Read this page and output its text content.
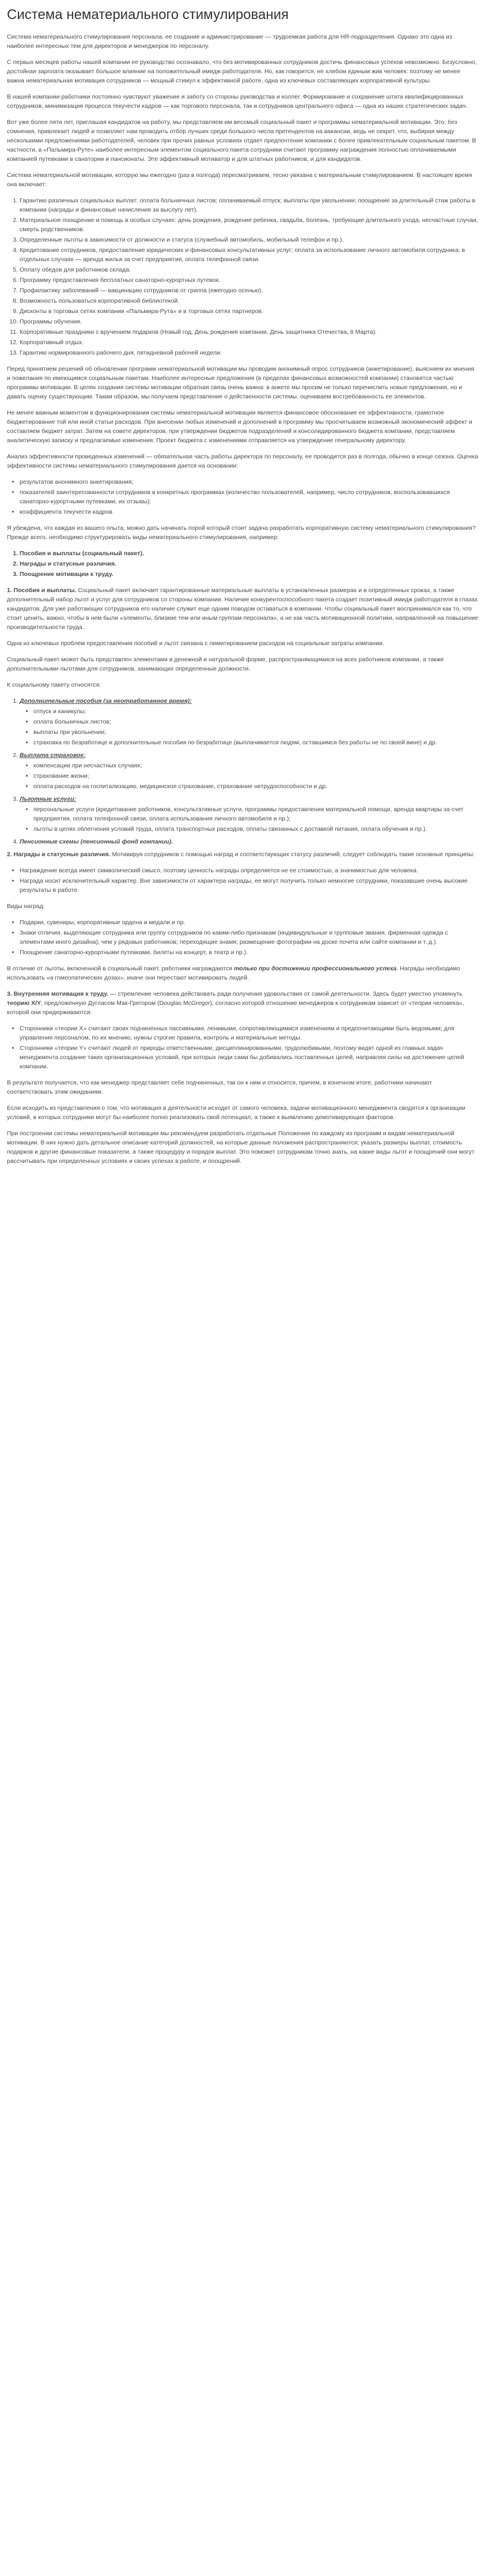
Система нематериального стимулирования

Система нематериального стимулирования персонала, ее создание и администрирование — трудоемкая работа для HR-подразделения. Однако это одна из наиболее интересных тем для директоров и менеджеров по персоналу.

С первых месяцев работы нашей компании ее руководство осознавало, что без мотивированных сотрудников достичь финансовых успехов невозможно. Безусловно, достойная зарплата оказывает большое влияние на положительный имидж работодателя. Но, как говорится, не хлебом единым жив человек: поэтому не менее важна нематериальная мотивация сотрудников — мощный стимул к эффективной работе, одна из ключевых составляющих корпоративной культуры.

В нашей компании работники постоянно чувствуют уважение и заботу со стороны руководства и коллег. Формирование и сохранение штата квалифицированных сотрудников, минимизация процесса текучести кадров — как торгового персонала, так и сотрудников центрального офиса — одна из наших стратегических задач.

Вот уже более пяти лет, приглашая кандидатов на работу, мы представляем им весомый социальный пакет и программы нематериальной мотивации. Это, без сомнения, привлекает людей и позволяет нам проводить отбор лучших среди большого числа претендентов на вакансии, ведь не секрет, что, выбирая между несколькими предложениями работодателей, человек при прочих равных условиях отдает предпочтение компании с более привлекательным социальным пакетом. В частности, в «Пальмира-Руте» наиболее интересным элементом социального пакета сотрудники считают программу награждения полностью оплачиваемыми компанией путевками в санатории и пансионаты. Эте эффективный мотиватор и для штатных работников, и для кандидатов.

Система нематериальной мотивации, которую мы ежегодно (раз в полгода) пересматриваем, тесно увязана с материальным стимулированием. В настоящее время она включает:

1. Гарантию различных социальных выплат: оплата больничных листов; оплачиваемый отпуск; выплаты при увольнении; поощрение за длительный стаж работы в компании (награды и финансовые начисления за выслугу лет).
2. Материальное поощрение и помощь в особых случаях: день рождения, рождение ребенка, свадьба, болезнь, требующие длительного ухода, несчастные случаи, смерть родственников.
3. Определенные льготы в зависимости от должности и статуса (служебный автомобиль, мобильный телефон и пр.).
4. Кредитование сотрудников, предоставление юридических и финансовых консультативных услуг; оплата за использование личного автомобиля сотрудника; в отдельных случаях — аренда жилья за счет предприятия, оплата телефонной связи.
5. Оплату обедов для работников склада.
6. Программу предоставления бесплатных санаторно-курортных путевок.
7. Профилактику заболеваний — вакцинацию сотрудников от гриппа (ежегодно осенью).
8. Возможность пользоваться корпоративной библиотекой.
9. Дисконты в торговых сетях компании «Пальмира-Рута» и в торговых сетях партнеров.
10. Программы обучения.
11. Корпоративные праздники с вручением подарков (Новый год, День рождения компании, День защитника Отечества, 8 Марта).
12. Корпоративный отдых.
13. Гарантию нормированного рабочего дня, пятидневной рабочей недели.

Перед принятием решений об обновлении программ нематериальной мотивации мы проводим анонимный опрос сотрудников (анкетирование), выясняем их мнения и пожелания по имеющимся социальным пакетам. Наиболее интересные предложения (в пределах финансовых возможностей компании) становятся частью программы мотивации. В целях создания системы мотивации обратная связь очень важна: в анкете мы просим не только перечислить новые предложения, но и давать оценку существующим. Таким образом, мы получаем представление о действенности системы, оцениваем востребованность ее элементов.

Не менее важным моментом в функционировании системы нематериальной мотивации является финансовое обоснование ее эффективности, грамотное бюджетирование той или иной статьи расходов. При внесении любых изменений и дополнений в программу мы просчитываем возможный экономический эффект и составляем бюджет затрат. Затем на совете директоров, при утверждении бюджетов подразделений и консолидированного бюджета компании, представляем аналитическую записку и предлагаемые изменения. Проект бюджета с изменениями отправляется на утверждение генеральному директору.

Анализ эффективности проведенных изменений — обязательная часть работы директора по персоналу, ее проводится раз в полгода, обычно в конце сезона. Оценка эффективности системы нематериального стимулирования дается на основании:

• результатов анонимного анкетирования;
• показателей заинтересованности сотрудников в конкретных программах (количество пользователей, например, число сотрудников, воспользовавшихся санаторно-курортными путевками, их отзывы);
• коэффициента текучести кадров.

Я убеждена, что каждая из вашего опыта, можно дать начинать порой который стоит задача разработать корпоративную систему нематериального стимулирования? Прежде всего, необходимо структурировать виды нематериального стимулирования, например:

1. Пособия и выплаты (социальный пакет).
2. Награды и статусные различия.
3. Поощрение мотивации к труду.

1. Пособия и выплаты. Социальный пакет включает гарантированные материальные выплаты в установленных размерах и в определенных сроках, а также дополнительный набор льгот и услуг для сотрудников со стороны компании. Наличие конкурентоспособного пакета создает позитивный имидж работодателя в глазах кандидатов. Для уже работающих сотрудников его наличие служит еще одним поводом оставаться в компании. Чтобы социальный пакет воспринимался как то, что стоит ценить, важно, чтобы в нем были «элементы, близкие тем или иным группам персонала», а не как часть мотивационной политики, направленной на повышение производительности труда.

Одна из ключевых проблем предоставления пособий и льгот связана с лимитированием расходов на социальные затраты компании.

Социальный пакет может быть представлен элементами в денежной и натуральной форме, распространяющимися на всех работников компании, а также дополнительными льготами для сотрудников, занимающих определенные должности.

К социальному пакету относятся:

1. Дополнительные пособия (за неотработанное время):
• отпуск и каникулы;
• оплата больничных листов;
• выплаты при увольнении;
• страховка по безработице и дополнительные пособия по безработице (выплачивается людям, оставшимся без работы не по своей вине) и др.
2. Выплата страховок:
• компенсации при несчастных случаях;
• страхование жизни;
• оплата расходов на госпитализацию, медицинское страхование, страхование нетрудоспособности и др.
3. Льготные услуги:
• персональные услуги (кредитование работников, консультативные услуги, программы предоставления материальной помощи, аренда квартиры за счет предприятия, оплата телефонной связи, оплата использования личного автомобиля и пр.);
• льготы в целях облегчения условий труда, оплата транспортных расходов, оплаты связанных с доставкой питания, оплата обучения и пр.).
4. Пенсионные схемы (пенсионный фонд компании).

2. Награды и статусные различия. Мотивируя сотрудников с помощью наград и соответствующих статусу различий, следует соблюдать такие основные принципы:

• Награждение всегда имеет символический смысл, поэтому ценность награды определяется не ее стоимостью, а значимостью для человека.
• Награда носит исключительный характер. Вне зависимости от характера награды, ее могут получить только немногие сотрудники, показавшие очень высокие результаты в работе.

Виды наград:

• Подарки, сувениры, корпоративные ордена и медали и пр.
• Знаки отличия, выделяющие сотрудника или группу сотрудников по каким-либо признакам (индивидуальные и групповые звания, фирменная одежда с элементами иного дизайна), чем у рядовых работников; переходящие знамя; размещение фотографии на доске почета или сайте компании и т. д.).
• Поощрение санаторно-курортными путевками, билеты на концерт, в театр и пр.).

В отличие от льготы, включенной в социальный пакет, работники награждаются только при достижении профессионального успеха. Награды необходимо использовать «а гомеопатических дозах», иначе они перестают мотивировать людей.

3. Внутренняя мотивация к труду. — стремление человека действовать ради получения удовольствия от самой деятельности. Здесь будет уместно упомянуть теорию X/Y, предложенную Дугласом Мак-Грегором (Douglas McGregor), согласно которой отношение менеджеров к сотрудникам зависит от «теории человека», которой они придерживаются:

• Сторонники «теории X» считают своих подчиненных пассивными, ленивыми, сопротивляющимися изменениям и предпочитающими быть ведомыми; для управления персоналом, по их мнению, нужны строгие правила, контроль и материальные методы.
• Сторонники «теории Y» считают людей от природы ответственными, дисциплинированными, трудолюбивыми, поэтому видят одной из главных задач менеджмента создание таких организационных условий, при которых люди сами бы добивались поставленных целей, направляя силы на достижение целей компании.

В результате получается, что как менеджер представляет себе подчиненных, так он к ним и относится, причем, в конечном итоге, работники начинают соответствовать этим ожиданиям.

Если исходить из представления о том, что мотивация в деятельности исходит от самого человека, задачи мотивационного менеджмента сводятся к организации условий, в которых сотрудники могут бы наиболее полно реализовать свой потенциал, а также к выявлению демотивирующих факторов.

При построении системы нематериальной мотивации мы рекомендуем разработать отдельные Положения по каждому из программ и видам нематериальной мотивации. В них нужно дать детальное описание категорий должностей, на которые данные положения распространяются; указать размеры выплат, стоимость подарков и другие финансовые показатели, а также процедуру и порядок выплат. Это поможет сотрудникам точно знать, на какие виды льгот и поощрений они могут рассчитывать при определенных условиях и своих успехах в работе, и поощрений.
